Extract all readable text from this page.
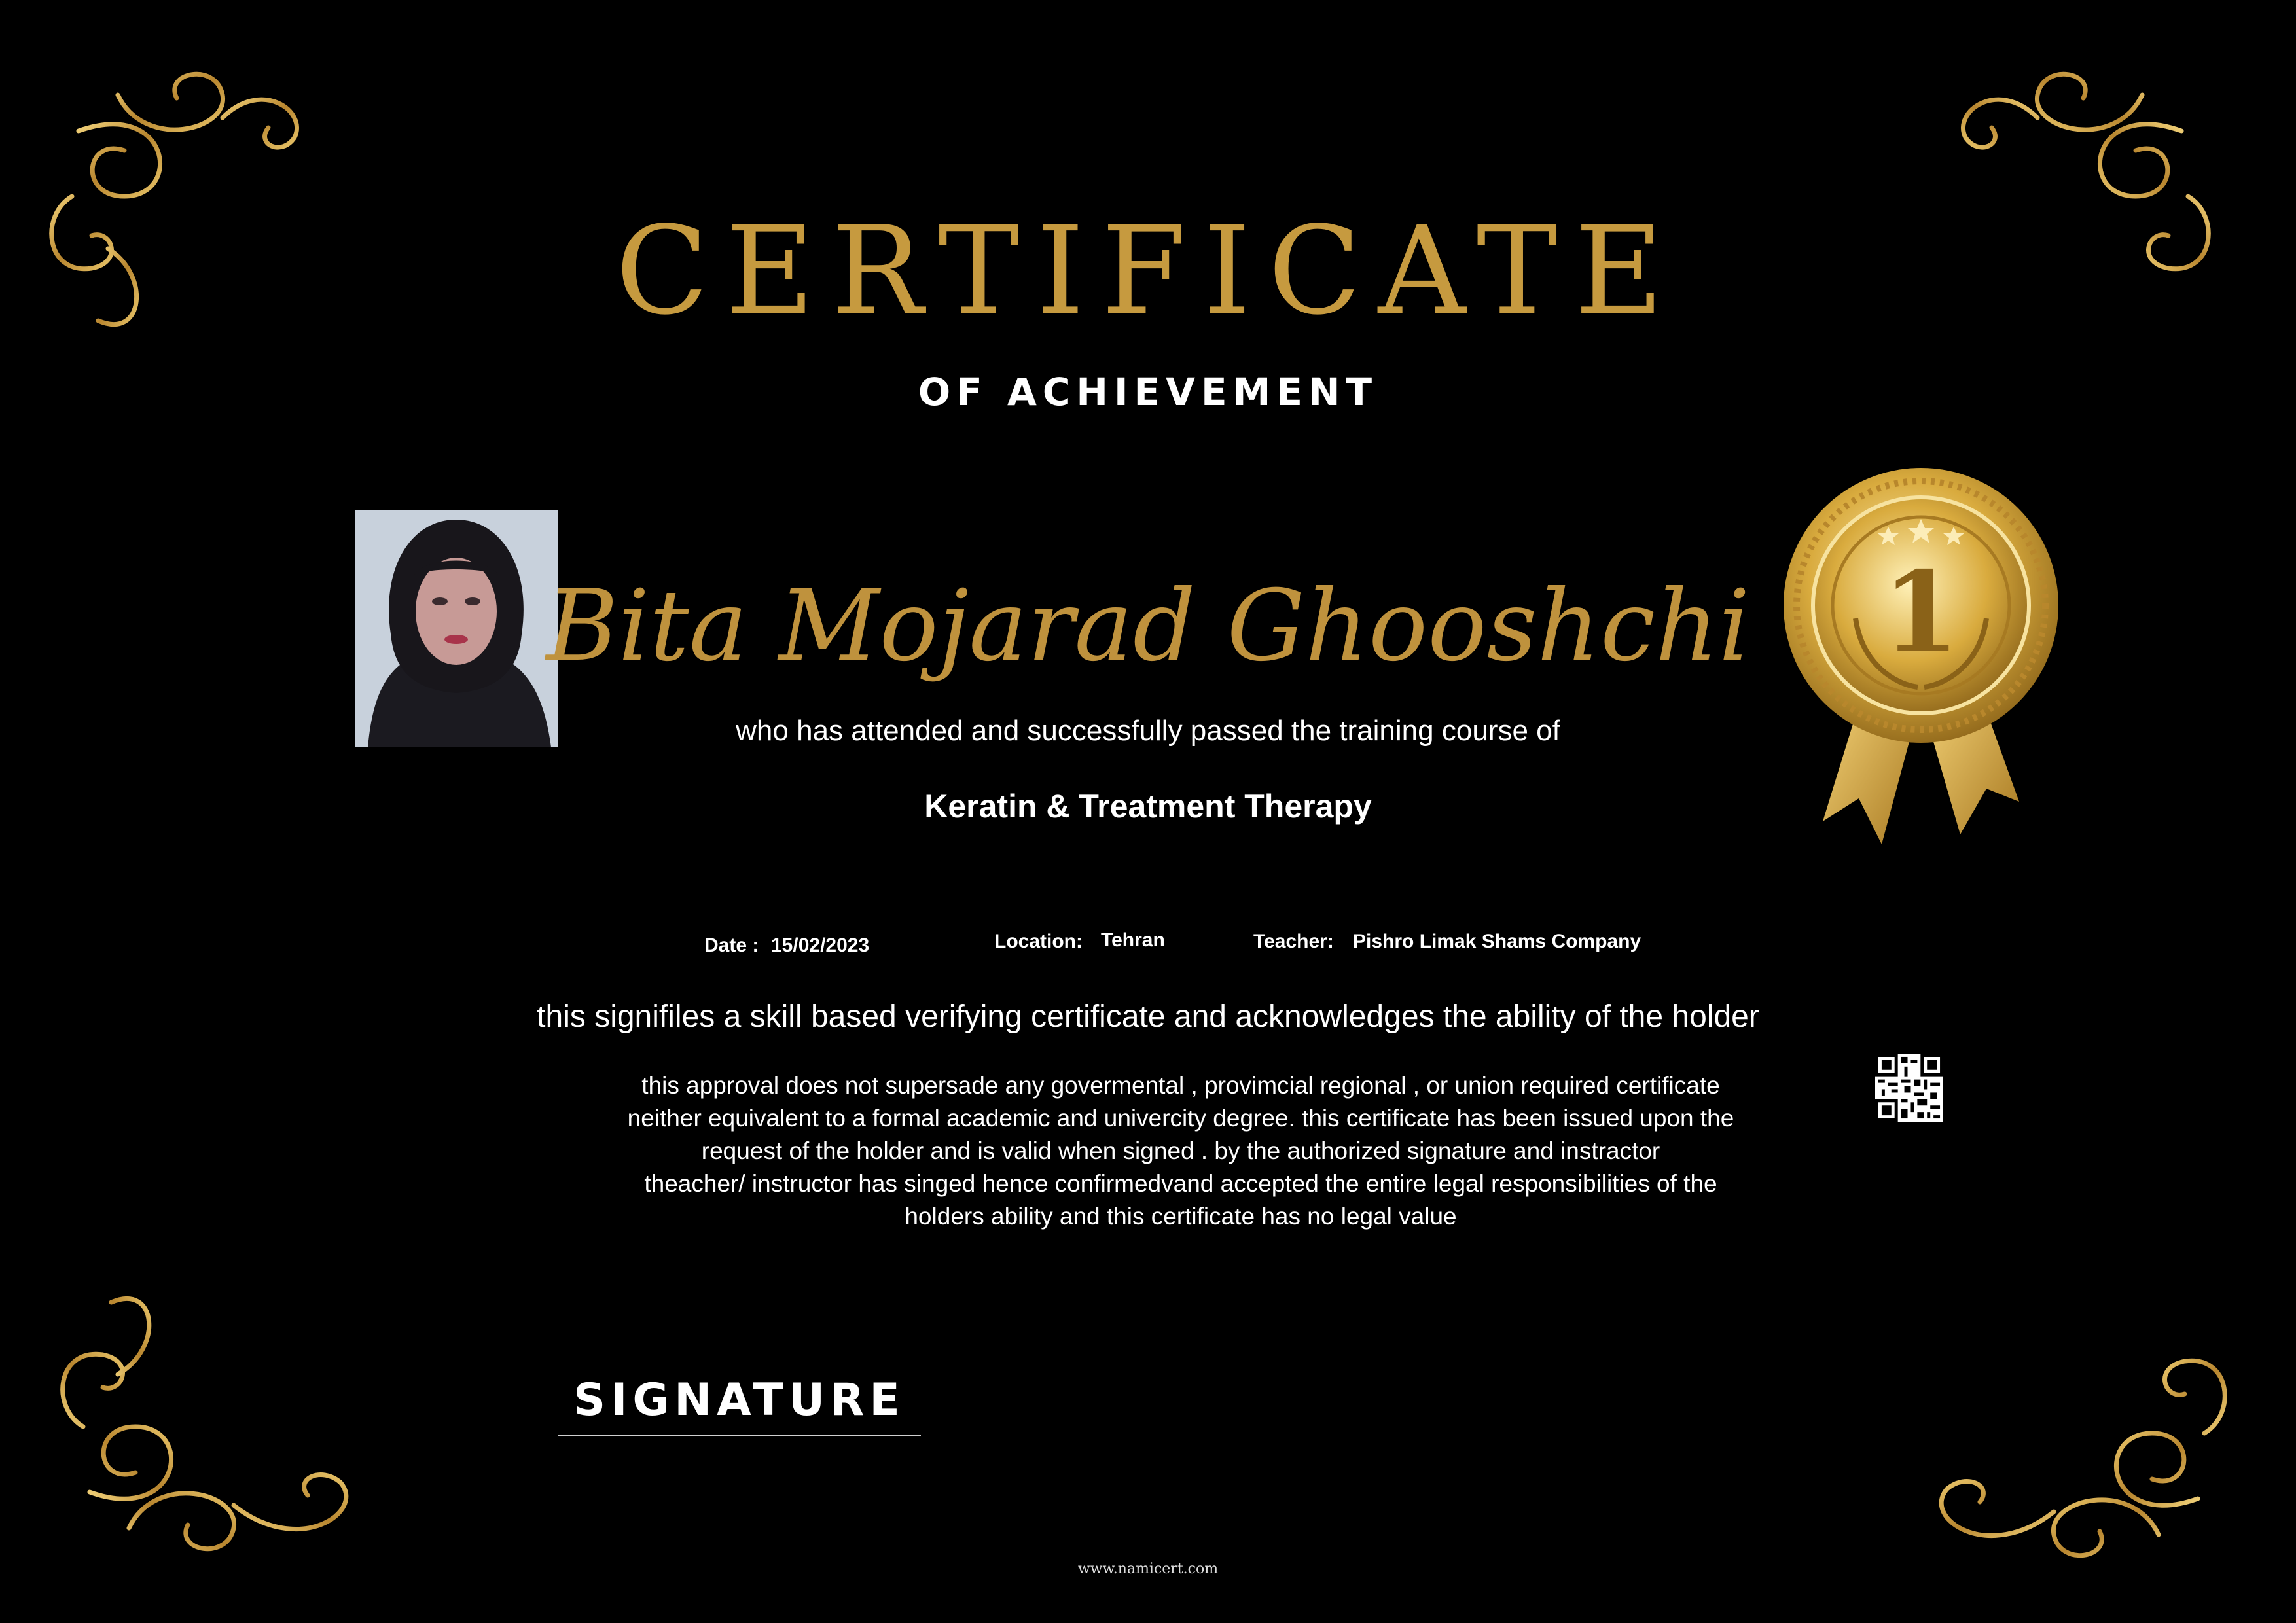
CERTIFICATE
OF ACHIEVEMENT
Bita Mojarad Ghooshchi
who has attended and successfully passed the training course of
Keratin & Treatment Therapy
1
Date : 15/02/2023	Location: Tehran	Teacher: Pishro Limak Shams Company
this signifiles a skill based verifying certificate and acknowledges the ability of the holder
this approval does not supersade any govermental , provimcial regional , or union required certificate
neither equivalent to a formal academic and univercity degree. this certificate has been issued upon the
request of the holder and is valid when signed . by the authorized signature and instractor
theacher/ instructor has singed hence confirmedvand accepted the entire legal responsibilities of the
holders ability and this certificate has no legal value
SIGNATURE
www.namicert.com
